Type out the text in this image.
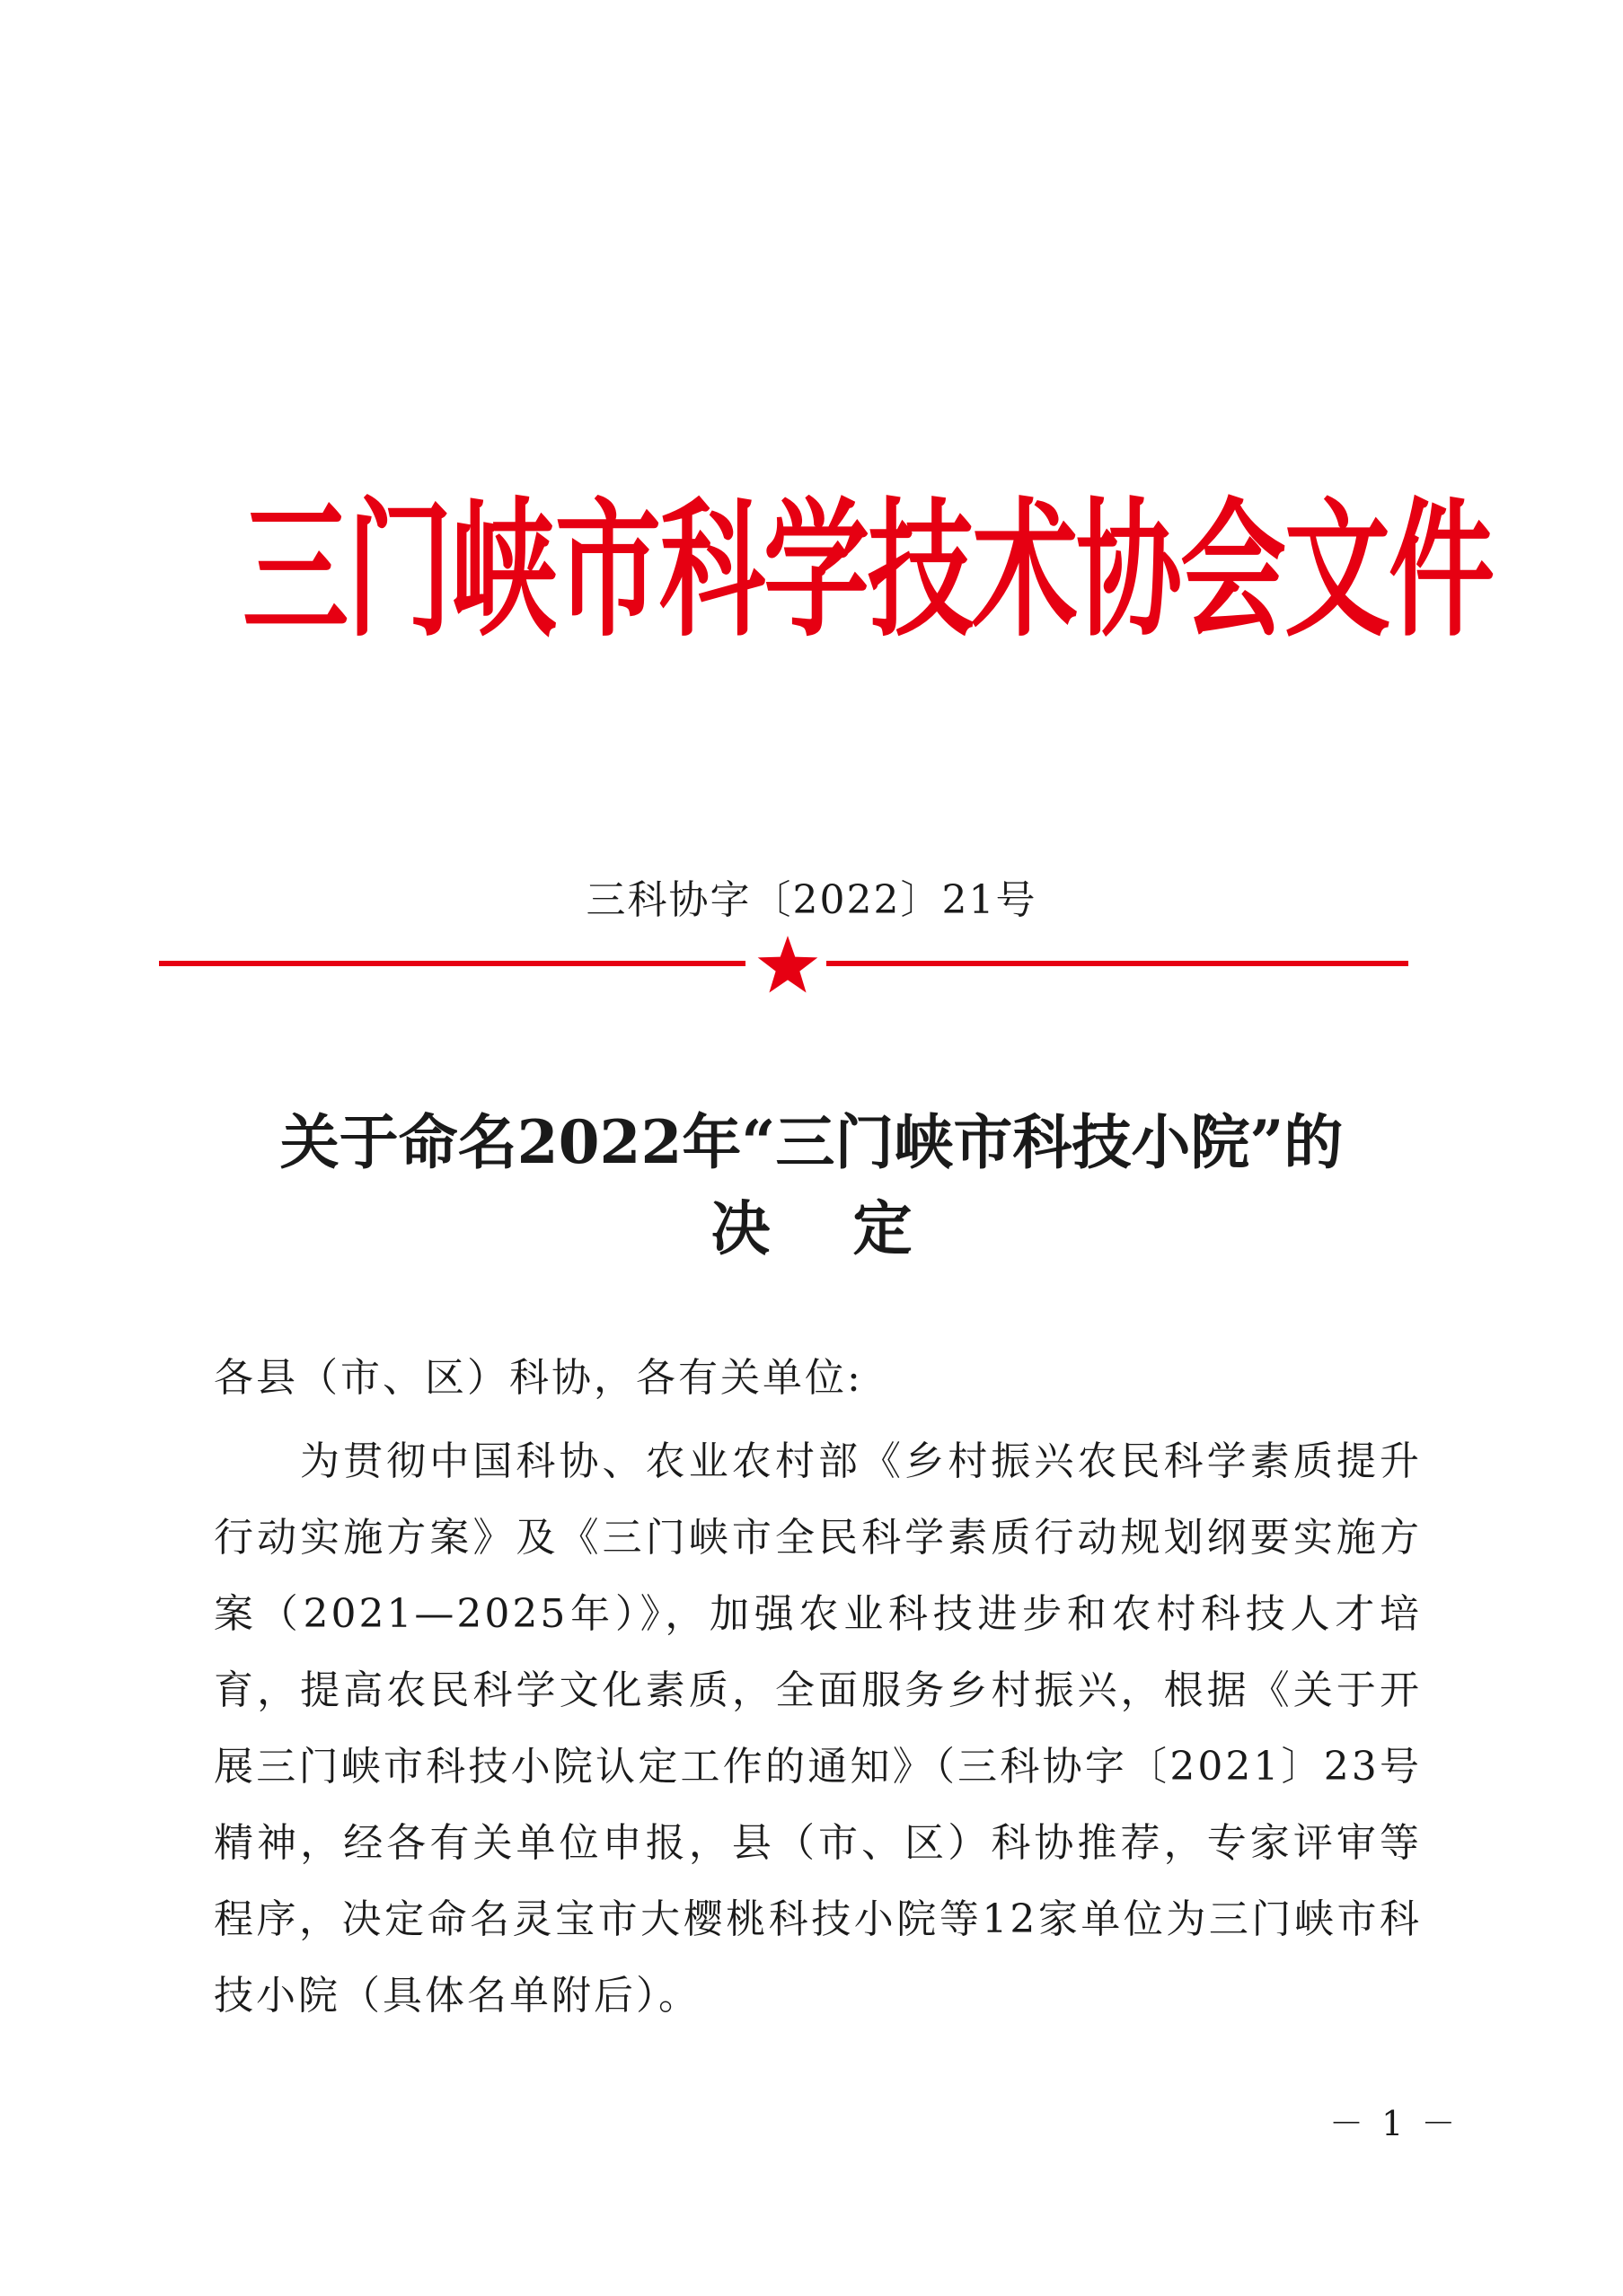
三门峡市科学技术协会文件
三科协字〔2022〕21号
关于命名2022年“三门峡市科技小院”的
决定
各县（市、区）科协，各有关单位:
为贯彻中国科协、农业农村部《乡村振兴农民科学素质提升行动实施方案》及《三门峡市全民科学素质行动规划纲要实施方案（2021—2025年）》，加强农业科技进步和农村科技人才培育，提高农民科学文化素质，全面服务乡村振兴，根据《关于开展三门峡市科技小院认定工作的通知》（三科协字〔2021〕23号精神，经各有关单位申报，县（市、区）科协推荐，专家评审等程序，决定命名灵宝市大樱桃科技小院等12家单位为三门峡市科技小院（具体名单附后）。
－ 1 －
